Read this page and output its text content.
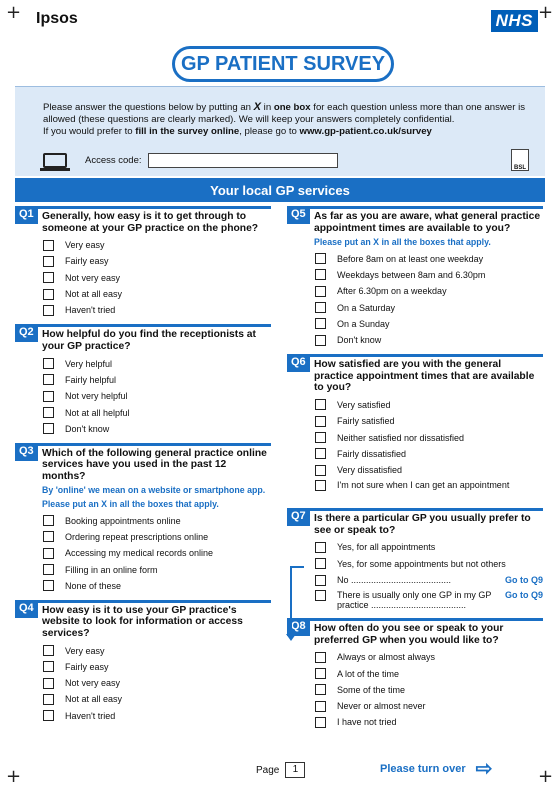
+	+
+	+
Ipsos	NHS
GP PATIENT SURVEY
Please answer the questions below by putting an X in one box for each question unless more than one answer is allowed (these questions are clearly marked). We will keep your answers completely confidential.
If you would prefer to fill in the survey online, please go to www.gp-patient.co.uk/survey
Access code:
BSL
Your local GP services
Q1 Generally, how easy is it to get through to someone at your GP practice on the phone?
Very easy
Fairly easy
Not very easy
Not at all easy
Haven't tried
Q2 How helpful do you find the receptionists at your GP practice?
Very helpful
Fairly helpful
Not very helpful
Not at all helpful
Don't know
Q3 Which of the following general practice online services have you used in the past 12 months?
By 'online' we mean on a website or smartphone app.
Please put an X in all the boxes that apply.
Booking appointments online
Ordering repeat prescriptions online
Accessing my medical records online
Filling in an online form
None of these
Q4 How easy is it to use your GP practice's website to look for information or access services?
Very easy
Fairly easy
Not very easy
Not at all easy
Haven't tried
Q5 As far as you are aware, what general practice appointment times are available to you?
Please put an X in all the boxes that apply.
Before 8am on at least one weekday
Weekdays between 8am and 6.30pm
After 6.30pm on a weekday
On a Saturday
On a Sunday
Don't know
Q6 How satisfied are you with the general practice appointment times that are available to you?
Very satisfied
Fairly satisfied
Neither satisfied nor dissatisfied
Fairly dissatisfied
Very dissatisfied
I'm not sure when I can get an appointment
Q7 Is there a particular GP you usually prefer to see or speak to?
Yes, for all appointments
Yes, for some appointments but not others
No ........................................	Go to Q9
There is usually only one GP in my GP practice ......................................
Go to Q9
Q8 How often do you see or speak to your preferred GP when you would like to?
Always or almost always
A lot of the time
Some of the time
Never or almost never
I have not tried
Page	1	Please turn over ⇨
